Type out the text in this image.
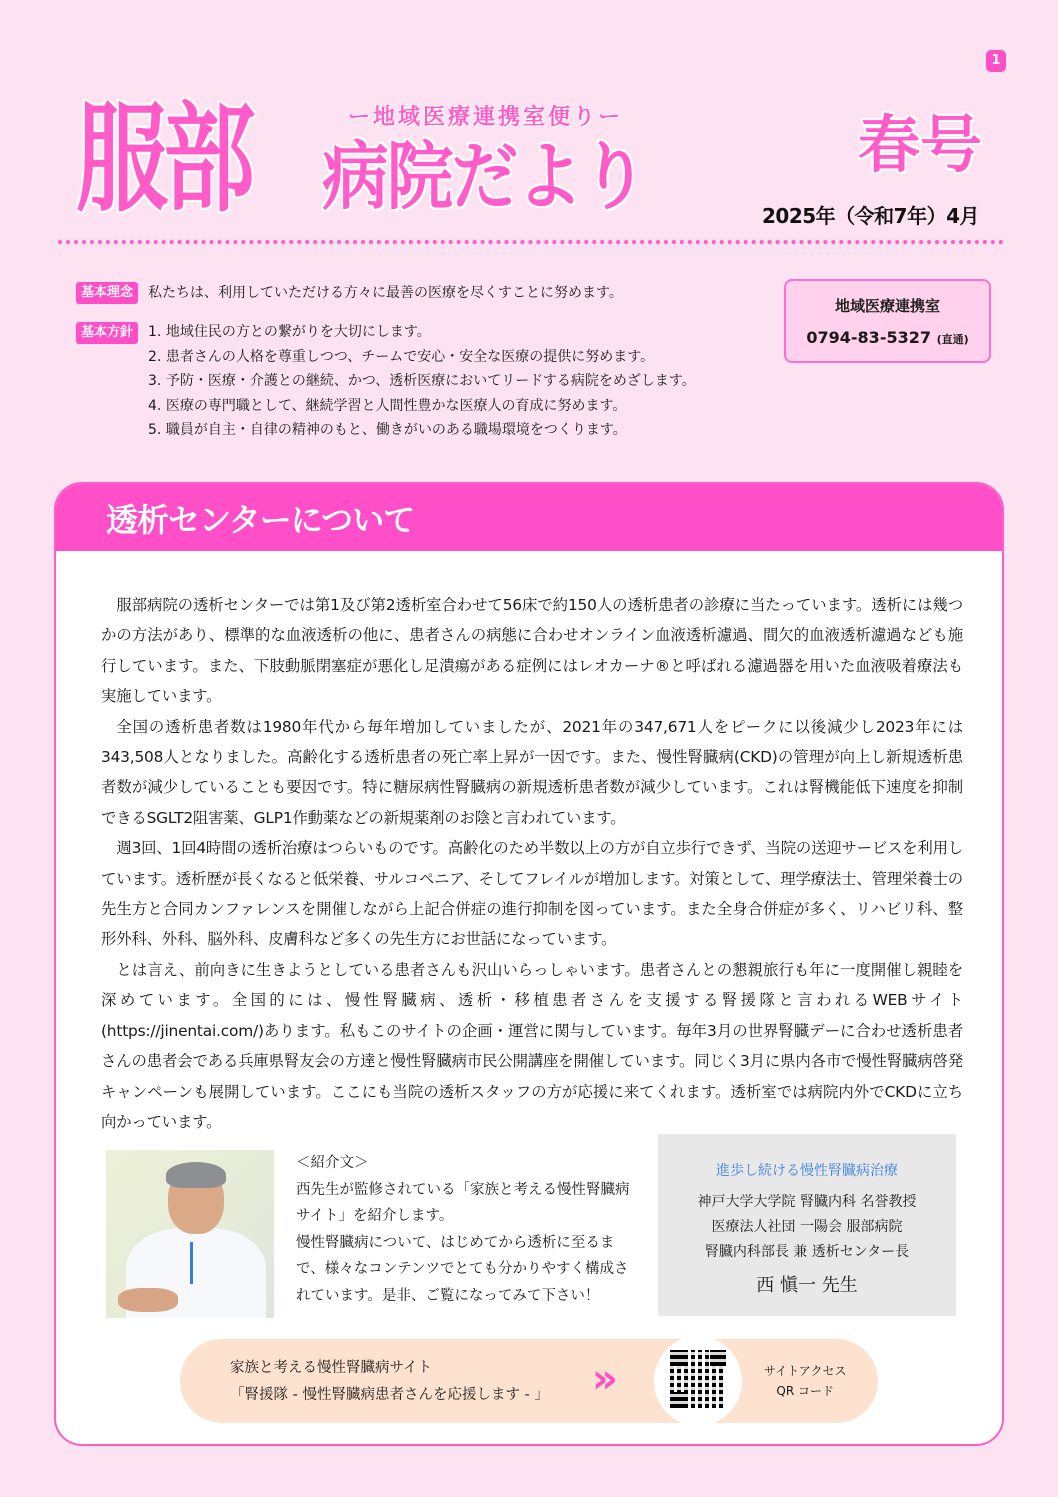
1
服部	ー地域医療連携室便りー
病院だより	春号
2025年（令和7年）4月
基本理念	私たちは、利用していただける方々に最善の医療を尽くすことに努めます。
基本方針	1. 地域住民の方との繋がりを大切にします。
2. 患者さんの人格を尊重しつつ、チームで安心・安全な医療の提供に努めます。
3. 予防・医療・介護との継続、かつ、透析医療においてリードする病院をめざします。
4. 医療の専門職として、継続学習と人間性豊かな医療人の育成に努めます。
5. 職員が自主・自律の精神のもと、働きがいのある職場環境をつくります。
地域医療連携室
0794-83-5327 (直通)
透析センターについて

服部病院の透析センターでは第1及び第2透析室合わせて56床で約150人の透析患者の診療に当たっています。透析には幾つかの方法があり、標準的な血液透析の他に、患者さんの病態に合わせオンライン血液透析濾過、間欠的血液透析濾過なども施行しています。また、下肢動脈閉塞症が悪化し足潰瘍がある症例にはレオカーナ®と呼ばれる濾過器を用いた血液吸着療法も実施しています。

全国の透析患者数は1980年代から毎年増加していましたが、2021年の347,671人をピークに以後減少し2023年には343,508人となりました。高齢化する透析患者の死亡率上昇が一因です。また、慢性腎臓病(CKD)の管理が向上し新規透析患者数が減少していることも要因です。特に糖尿病性腎臓病の新規透析患者数が減少しています。これは腎機能低下速度を抑制できるSGLT2阻害薬、GLP1作動薬などの新規薬剤のお陰と言われています。

週3回、1回4時間の透析治療はつらいものです。高齢化のため半数以上の方が自立歩行できず、当院の送迎サービスを利用しています。透析歴が長くなると低栄養、サルコペニア、そしてフレイルが増加します。対策として、理学療法士、管理栄養士の先生方と合同カンファレンスを開催しながら上記合併症の進行抑制を図っています。また全身合併症が多く、リハビリ科、整形外科、外科、脳外科、皮膚科など多くの先生方にお世話になっています。

とは言え、前向きに生きようとしている患者さんも沢山いらっしゃいます。患者さんとの懇親旅行も年に一度開催し親睦を深めています。全国的には、慢性腎臓病、透析・移植患者さんを支援する腎援隊と言われるWEBサイト(https://jinentai.com/)あります。私もこのサイトの企画・運営に関与しています。毎年3月の世界腎臓デーに合わせ透析患者さんの患者会である兵庫県腎友会の方達と慢性腎臓病市民公開講座を開催しています。同じく3月に県内各市で慢性腎臓病啓発キャンペーンも展開しています。ここにも当院の透析スタッフの方が応援に来てくれます。透析室では病院内外でCKDに立ち向かっています。

＜紹介文＞
西先生が監修されている「家族と考える慢性腎臓病サイト」を紹介します。
慢性腎臓病について、はじめてから透析に至るまで、様々なコンテンツでとても分かりやすく構成されています。是非、ご覧になってみて下さい！
進歩し続ける慢性腎臓病治療
神戸大学大学院 腎臓内科 名誉教授
医療法人社団 一陽会 服部病院
腎臓内科部長 兼 透析センター長
西 愼一 先生
家族と考える慢性腎臓病サイト
「腎援隊 - 慢性腎臓病患者さんを応援します - 」 »	サイトアクセス
QR コード
